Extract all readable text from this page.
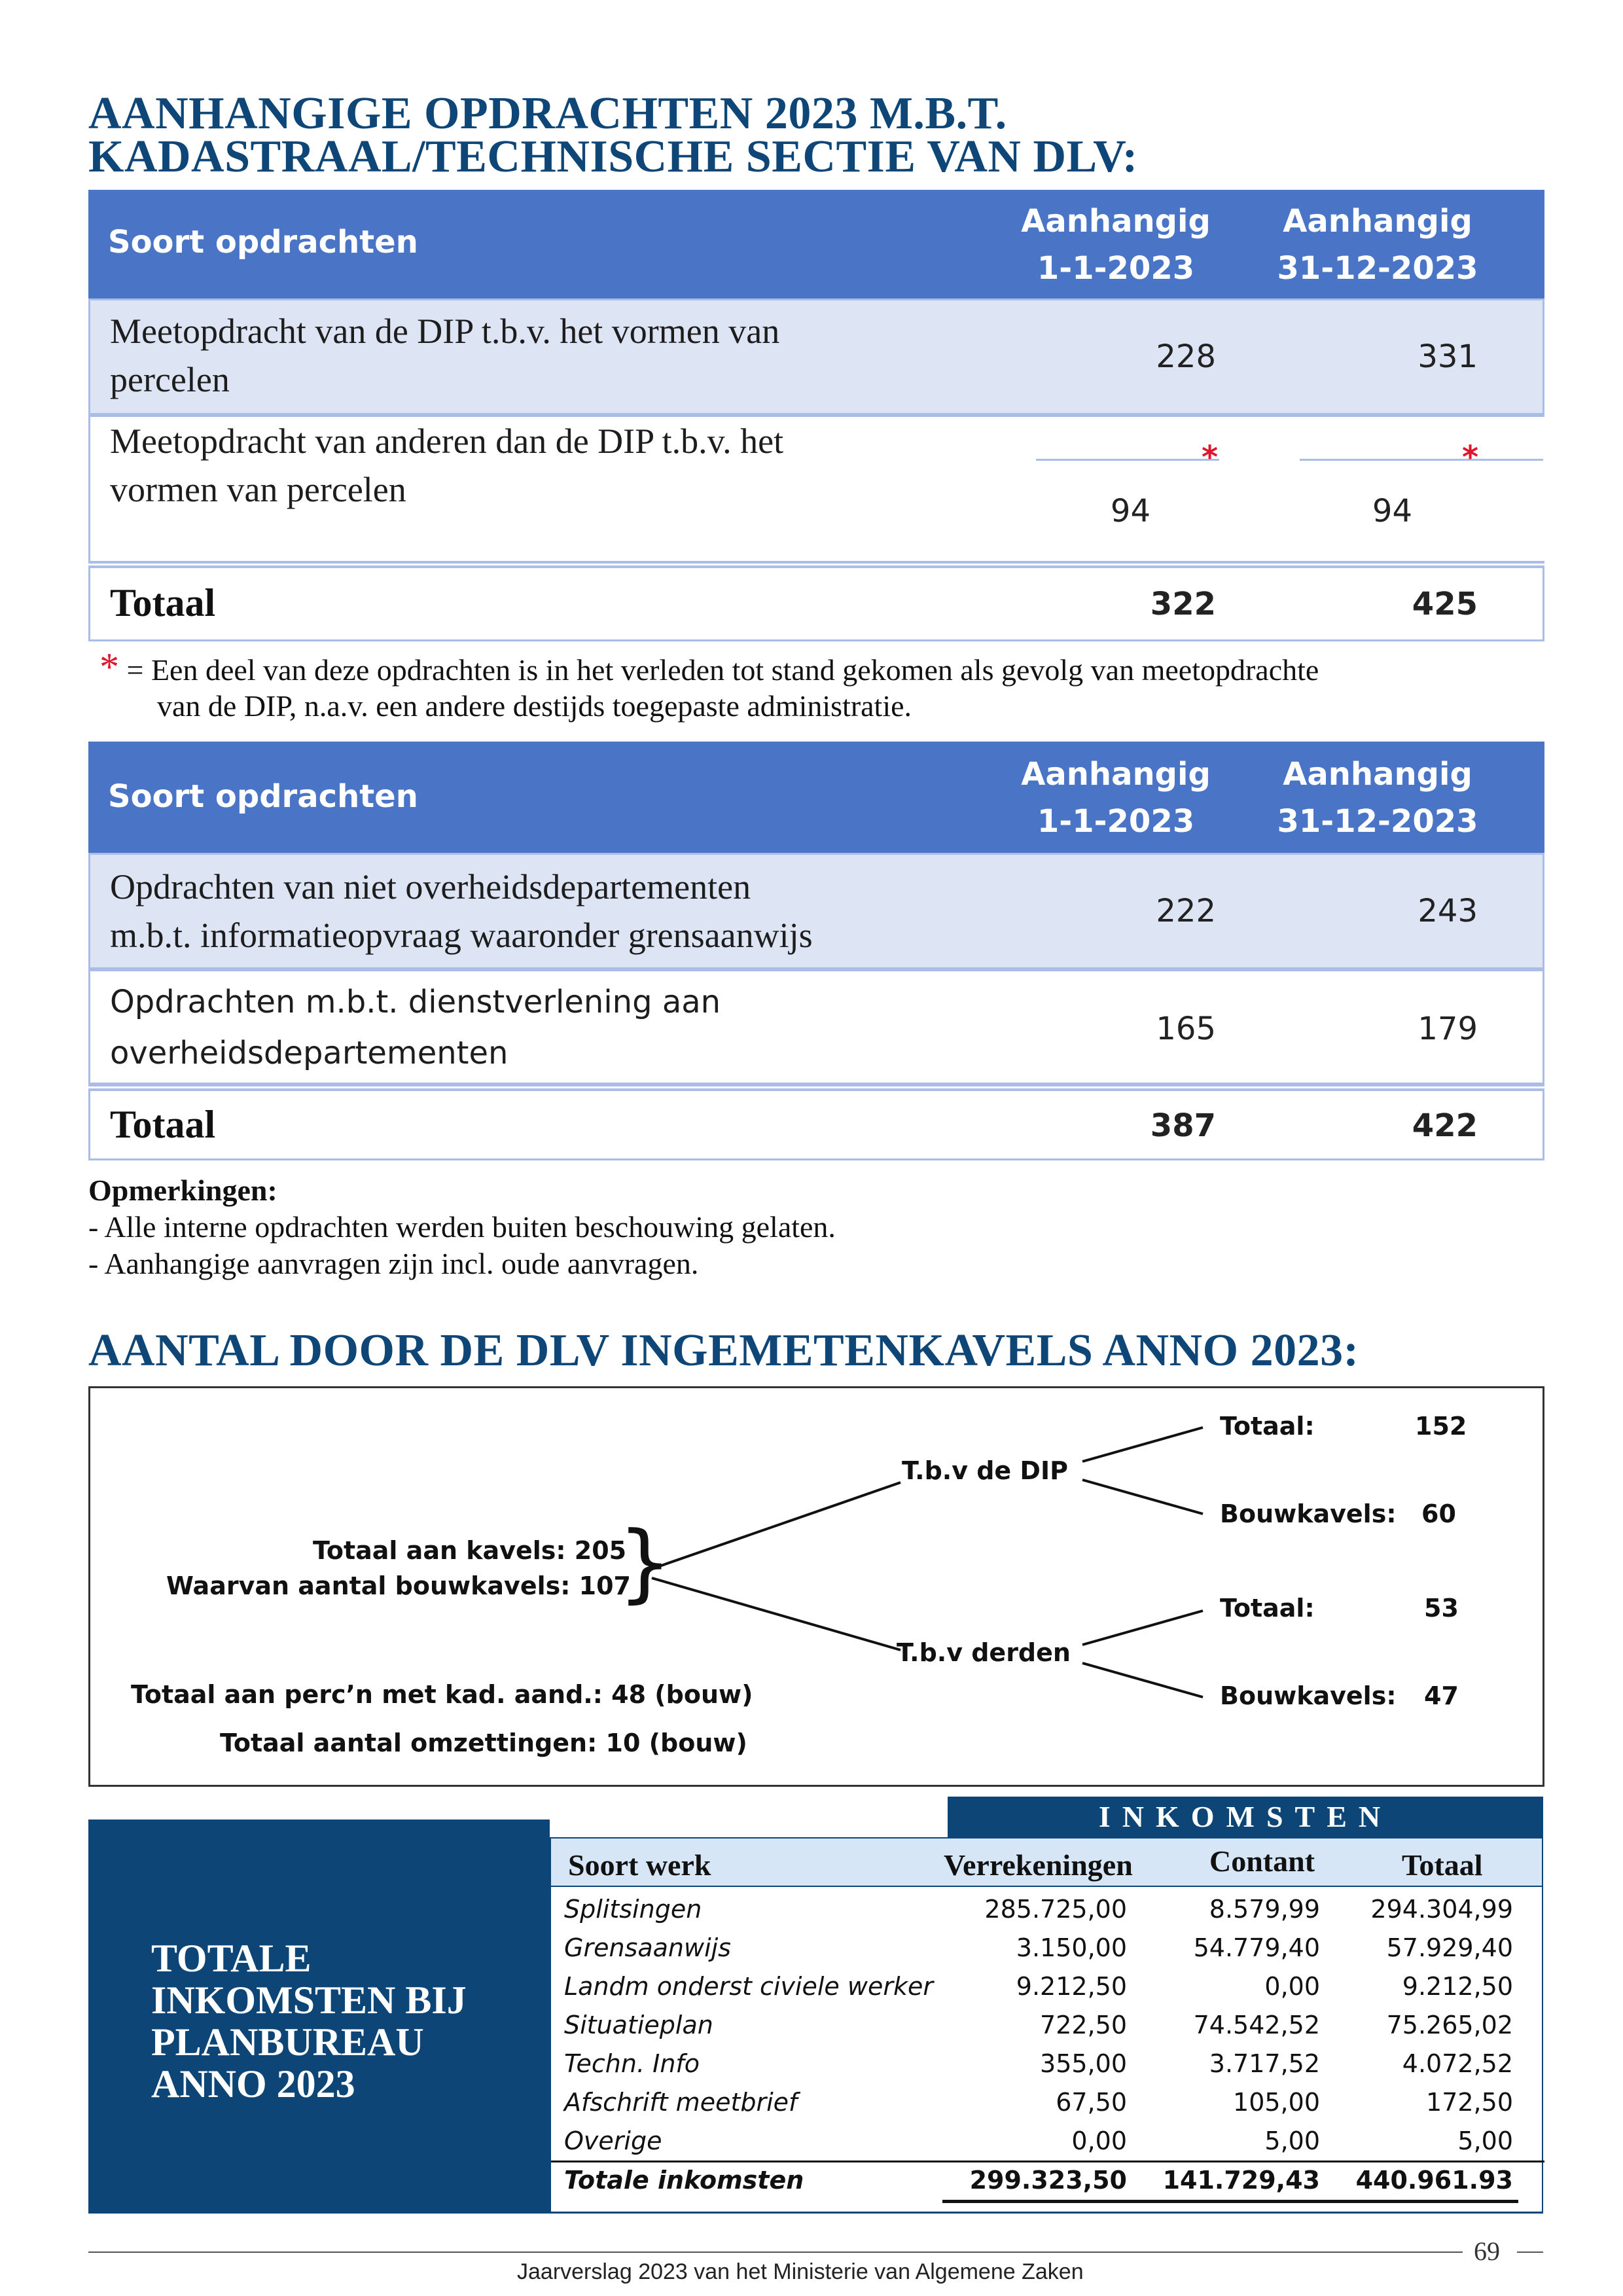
AANHANGIGE OPDRACHTEN 2023 M.B.T.
KADASTRAAL/TECHNISCHE SECTIE VAN DLV:
Soort opdrachten
Aanhangig
1-1-2023
Aanhangig
31-12-2023
Meetopdracht van de DIP t.b.v. het vormen van
percelen
228	331
Meetopdracht van anderen dan de DIP t.b.v. het
vormen van percelen
*	*
94	94
Totaal	322	425
* = Een deel van deze opdrachten is in het verleden tot stand gekomen als gevolg van meetopdrachte
van de DIP, n.a.v. een andere destijds toegepaste administratie.
Soort opdrachten
Aanhangig
1-1-2023
Aanhangig
31-12-2023
Opdrachten van niet overheidsdepartementen
m.b.t. informatieopvraag waaronder grensaanwijs
222	243
Opdrachten m.b.t. dienstverlening aan
overheidsdepartementen
165	179
Totaal	387	422
Opmerkingen:
- Alle interne opdrachten werden buiten beschouwing gelaten.
- Aanhangige aanvragen zijn incl. oude aanvragen.
AANTAL DOOR DE DLV INGEMETENKAVELS ANNO 2023:
Totaal aan kavels: 205
Waarvan aantal bouwkavels: 107
}
T.b.v de DIP
T.b.v derden
Totaal:	152
Bouwkavels: 60
Totaal:	53
Bouwkavels: 47
Totaal aan perc’n met kad. aand.: 48 (bouw)
Totaal aantal omzettingen: 10 (bouw)
TOTALE
INKOMSTEN BIJ
PLANBUREAU
ANNO 2023
INKOMSTEN
Soort werk	Verrekeningen	Contant	Totaal
Splitsingen	285.725,00	8.579,99	294.304,99
Grensaanwijs	3.150,00	54.779,40	57.929,40
Landm onderst civiele werker	9.212,50	0,00	9.212,50
Situatieplan	722,50	74.542,52	75.265,02
Techn. Info	355,00	3.717,52	4.072,52
Afschrift meetbrief	67,50	105,00	172,50
Overige	0,00	5,00	5,00
Totale inkomsten	299.323,50	141.729,43	440.961.93
69
Jaarverslag 2023 van het Ministerie van Algemene Zaken
